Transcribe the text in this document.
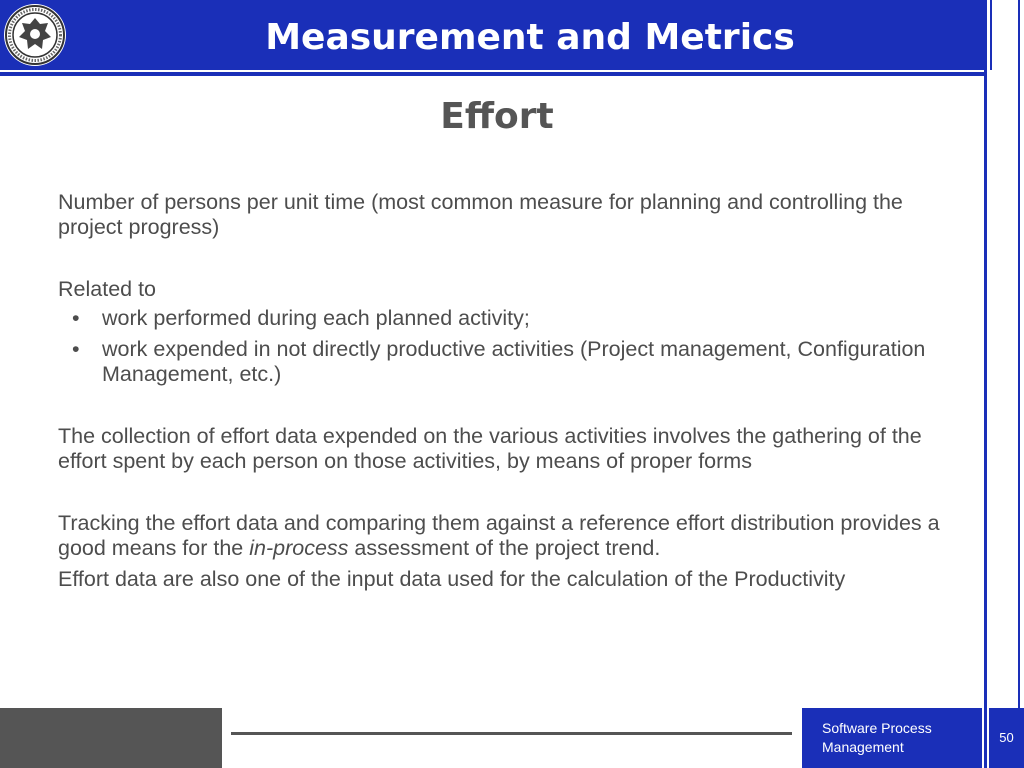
Measurement and Metrics
Effort

Number of persons per unit time (most common measure for planning and controlling the project progress)

Related to

• work performed during each planned activity;
• work expended in not directly productive activities (Project management, Configuration Management, etc.)

The collection of effort data expended on the various activities involves the gathering of the effort spent by each person on those activities, by means of proper forms

Tracking the effort data and comparing them against a reference effort distribution provides a good means for the in-process assessment of the project trend.

Effort data are also one of the input data used for the calculation of the Productivity

Software Process Management
50
